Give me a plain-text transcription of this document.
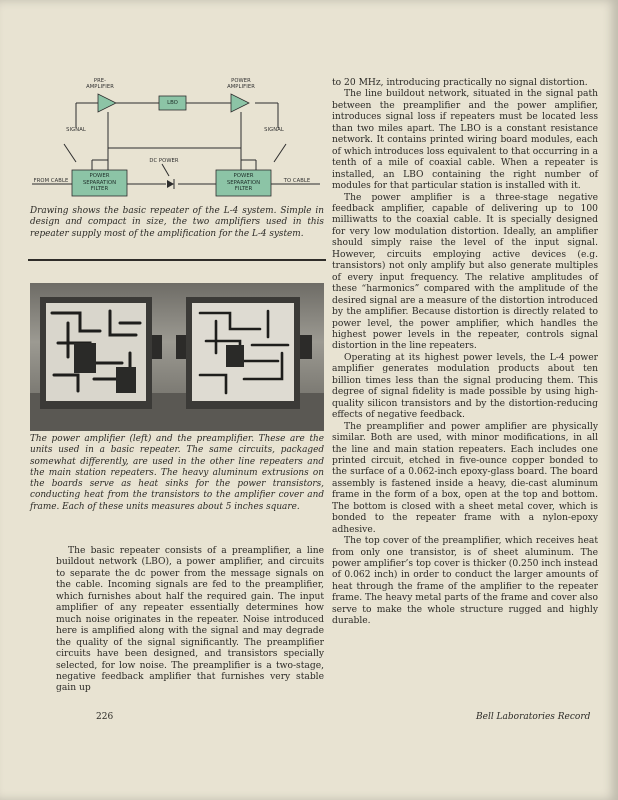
PRE-
AMPLIFIER
POWER
AMPLIFIER
LBO
SIGNAL	SIGNAL
DC POWER
FROM CABLE	TO CABLE
POWER
SEPARATION
FILTER
POWER
SEPARATION
FILTER

Drawing shows the basic repeater of the L-4 system. Simple in design and compact in size, the two amplifiers used in this repeater supply most of the amplification for the L-4 system.

The power amplifier (left) and the preamplifier. These are the units used in a basic repeater. The same circuits, packaged somewhat differently, are used in the other line repeaters and the main station repeaters. The heavy aluminum extrusions on the boards serve as heat sinks for the power transistors, conducting heat from the transistors to the amplifier cover and frame. Each of these units measures about 5 inches square.

The basic repeater consists of a preamplifier, a line buildout network (LBO), a power amplifier, and circuits to separate the dc power from the message signals on the cable. Incoming signals are fed to the preamplifier, which furnishes about half the required gain. The input amplifier of any repeater essentially determines how much noise originates in the repeater. Noise introduced here is amplified along with the signal and may degrade the quality of the signal significantly. The preamplifier circuits have been designed, and transistors specially selected, for low noise. The preamplifier is a two-stage, negative feedback amplifier that furnishes very stable gain up

to 20 MHz, introducing practically no signal distortion.

The line buildout network, situated in the signal path between the preamplifier and the power amplifier, introduces signal loss if repeaters must be located less than two miles apart. The LBO is a constant resistance network. It contains printed wiring board modules, each of which introduces loss equivalent to that occurring in a tenth of a mile of coaxial cable. When a repeater is installed, an LBO containing the right number of modules for that particular station is installed with it.

The power amplifier is a three-stage negative feedback amplifier, capable of delivering up to 100 milliwatts to the coaxial cable. It is specially designed for very low modulation distortion. Ideally, an amplifier should simply raise the level of the input signal. However, circuits employing active devices (e.g. transistors) not only amplify but also generate multiples of every input frequency. The relative amplitudes of these “harmonics” compared with the amplitude of the desired signal are a measure of the distortion introduced by the amplifier. Because distortion is directly related to power level, the power amplifier, which handles the highest power levels in the repeater, controls signal distortion in the line repeaters.

Operating at its highest power levels, the L-4 power amplifier generates modulation products about ten billion times less than the signal producing them. This degree of signal fidelity is made possible by using high-quality silicon transistors and by the distortion-reducing effects of negative feedback.

The preamplifier and power amplifier are physically similar. Both are used, with minor modifications, in all the line and main station repeaters. Each includes one printed circuit, etched in five-ounce copper bonded to the surface of a 0.062-inch epoxy-glass board. The board assembly is fastened inside a heavy, die-cast aluminum frame in the form of a box, open at the top and bottom. The bottom is closed with a sheet metal cover, which is bonded to the repeater frame with a nylon-epoxy adhesive.

The top cover of the preamplifier, which receives heat from only one transistor, is of sheet aluminum. The power amplifier’s top cover is thicker (0.250 inch instead of 0.062 inch) in order to conduct the larger amounts of heat through the frame of the amplifier to the repeater frame. The heavy metal parts of the frame and cover also serve to make the whole structure rugged and highly durable.

226	Bell Laboratories Record
